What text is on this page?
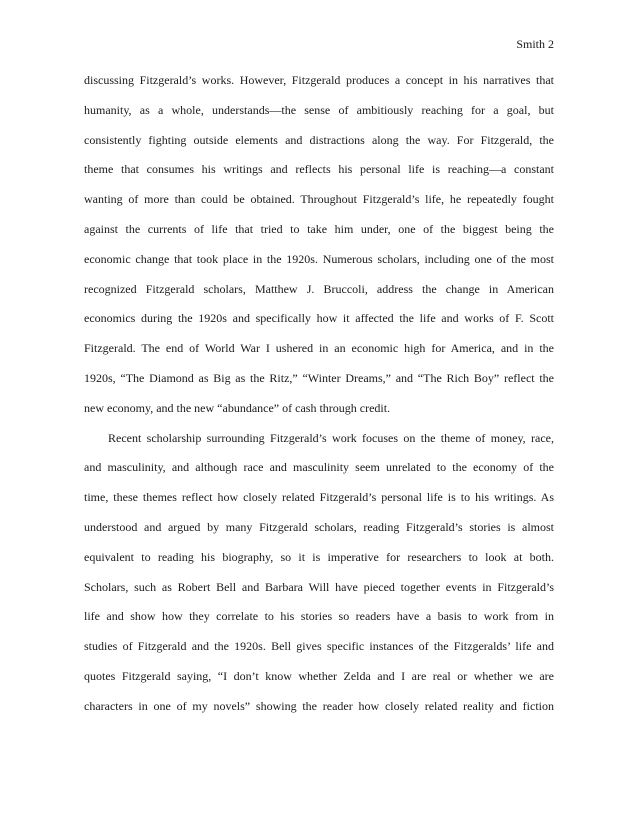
Smith 2
discussing Fitzgerald’s works. However, Fitzgerald produces a concept in his narratives that
humanity, as a whole, understands—the sense of ambitiously reaching for a goal, but
consistently fighting outside elements and distractions along the way. For Fitzgerald, the
theme that consumes his writings and reflects his personal life is reaching—a constant
wanting of more than could be obtained. Throughout Fitzgerald’s life, he repeatedly fought
against the currents of life that tried to take him under, one of the biggest being the
economic change that took place in the 1920s. Numerous scholars, including one of the most
recognized Fitzgerald scholars, Matthew J. Bruccoli, address the change in American
economics during the 1920s and specifically how it affected the life and works of F. Scott
Fitzgerald. The end of World War I ushered in an economic high for America, and in the
1920s, “The Diamond as Big as the Ritz,” “Winter Dreams,” and “The Rich Boy” reflect the
new economy, and the new “abundance” of cash through credit.
Recent scholarship surrounding Fitzgerald’s work focuses on the theme of money, race,
and masculinity, and although race and masculinity seem unrelated to the economy of the
time, these themes reflect how closely related Fitzgerald’s personal life is to his writings. As
understood and argued by many Fitzgerald scholars, reading Fitzgerald’s stories is almost
equivalent to reading his biography, so it is imperative for researchers to look at both.
Scholars, such as Robert Bell and Barbara Will have pieced together events in Fitzgerald’s
life and show how they correlate to his stories so readers have a basis to work from in
studies of Fitzgerald and the 1920s. Bell gives specific instances of the Fitzgeralds’ life and
quotes Fitzgerald saying, “I don’t know whether Zelda and I are real or whether we are
characters in one of my novels” showing the reader how closely related reality and fiction
